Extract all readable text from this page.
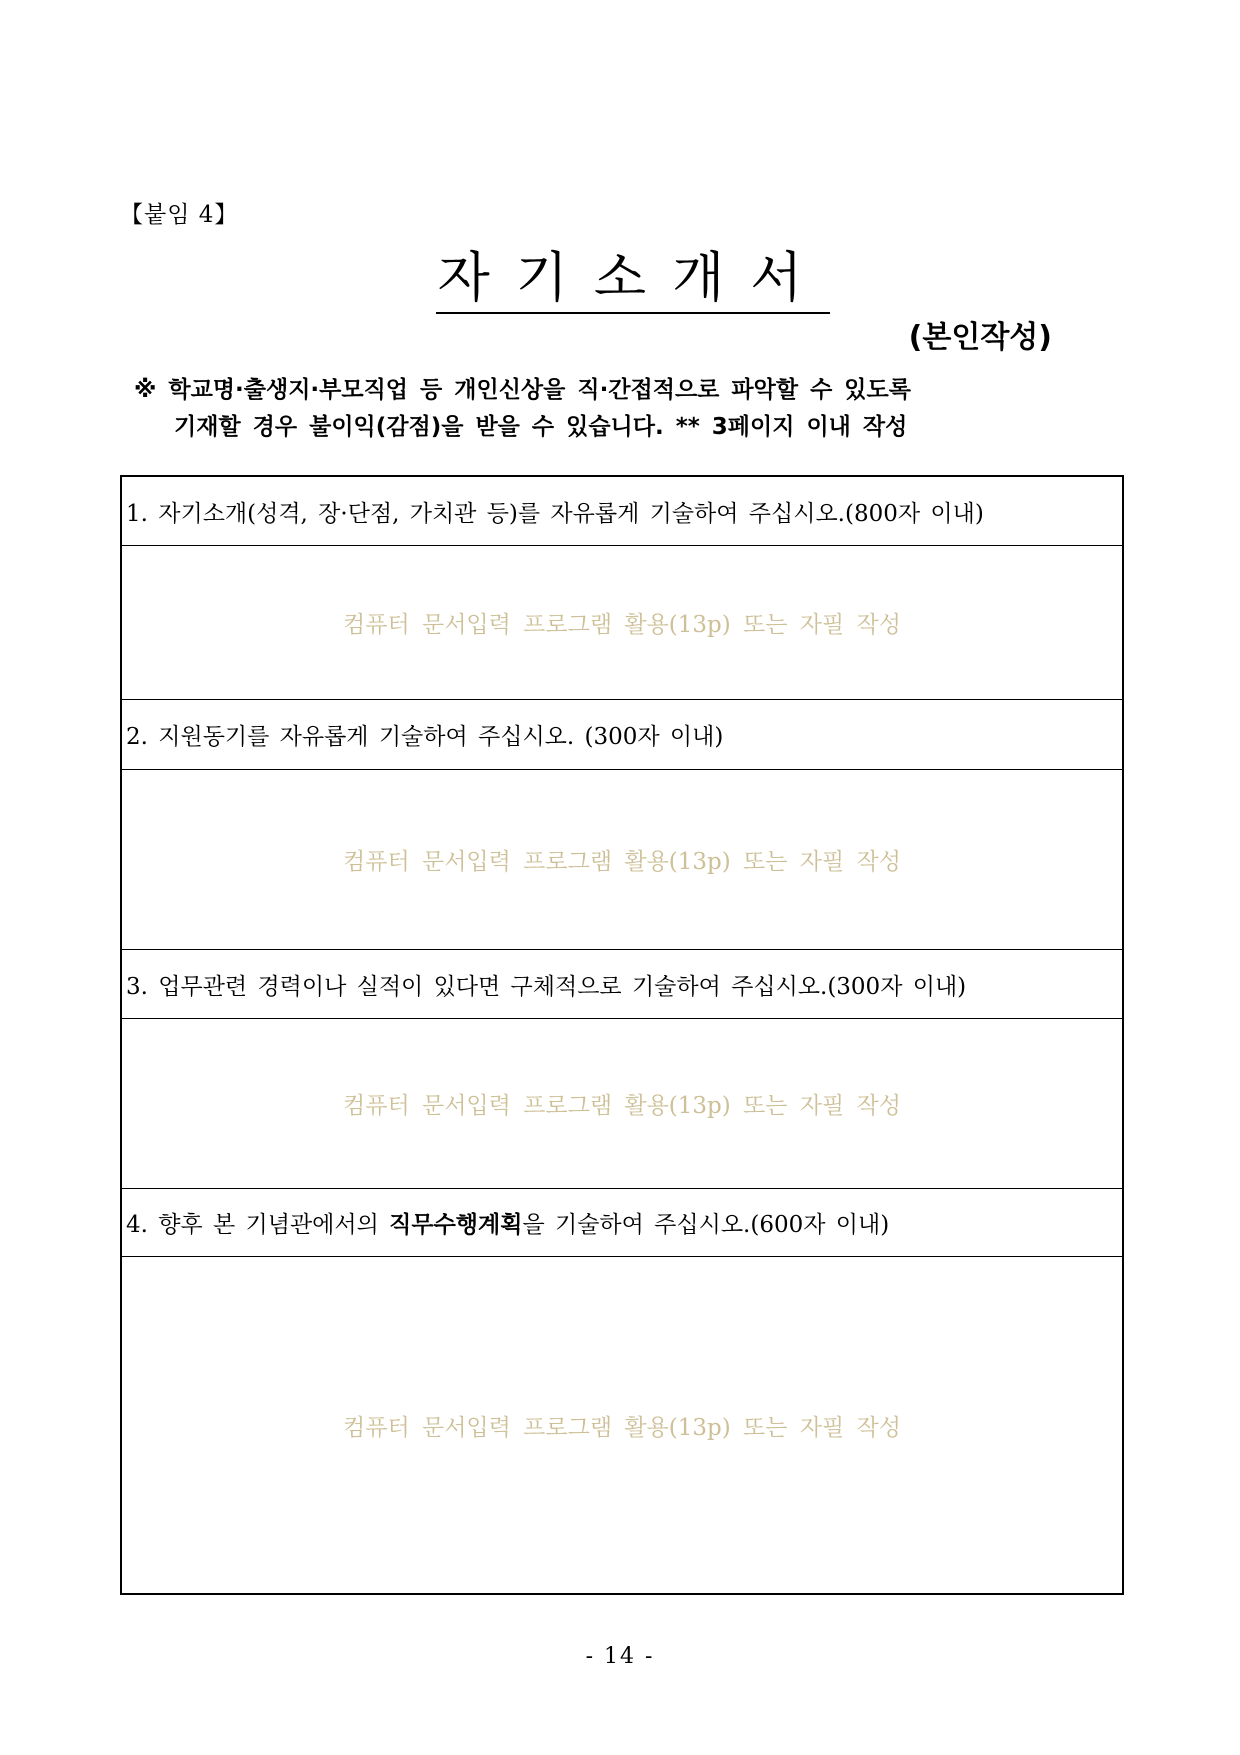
【붙임 4】
자기소개서
(본인작성)
※ 학교명·출생지·부모직업 등 개인신상을 직·간접적으로 파악할 수 있도록
기재할 경우 불이익(감점)을 받을 수 있습니다. ** 3페이지 이내 작성
1. 자기소개(성격, 장·단점, 가치관 등)를 자유롭게 기술하여 주십시오.(800자 이내)
컴퓨터 문서입력 프로그램 활용(13p) 또는 자필 작성
2. 지원동기를 자유롭게 기술하여 주십시오. (300자 이내)
컴퓨터 문서입력 프로그램 활용(13p) 또는 자필 작성
3. 업무관련 경력이나 실적이 있다면 구체적으로 기술하여 주십시오.(300자 이내)
컴퓨터 문서입력 프로그램 활용(13p) 또는 자필 작성
4. 향후 본 기념관에서의 직무수행계획을 기술하여 주십시오.(600자 이내)
컴퓨터 문서입력 프로그램 활용(13p) 또는 자필 작성
- 14 -
